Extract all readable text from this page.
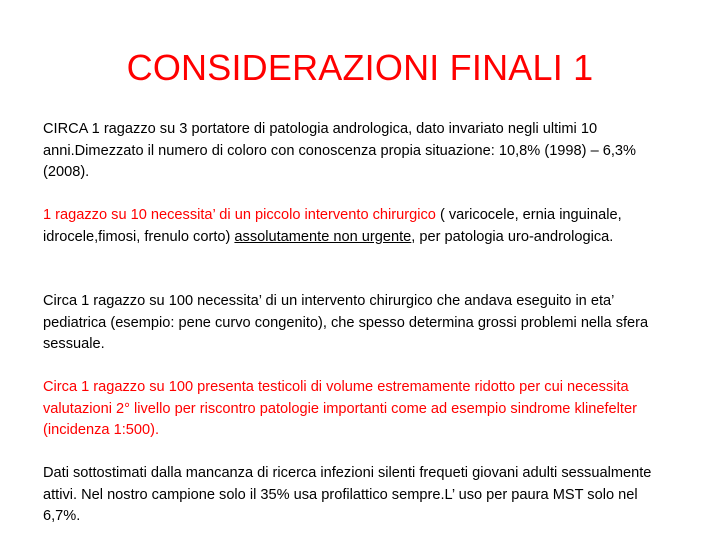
CONSIDERAZIONI FINALI 1

CIRCA 1 ragazzo su 3 portatore di patologia andrologica, dato invariato negli ultimi 10 anni.Dimezzato il numero di coloro con conoscenza propia situazione: 10,8% (1998) – 6,3% (2008).

1 ragazzo su 10 necessita’ di un piccolo intervento chirurgico ( varicocele, ernia inguinale, idrocele,fimosi, frenulo corto) assolutamente non urgente, per patologia uro-andrologica.

Circa 1 ragazzo su 100 necessita’ di un intervento chirurgico che andava eseguito in eta’ pediatrica (esempio: pene curvo congenito), che spesso determina grossi problemi nella sfera sessuale.

Circa 1 ragazzo su 100 presenta testicoli di volume estremamente ridotto per cui necessita valutazioni 2° livello per riscontro patologie importanti come ad esempio sindrome klinefelter (incidenza 1:500).

Dati sottostimati dalla mancanza di ricerca infezioni silenti frequeti giovani adulti sessualmente attivi. Nel nostro campione solo il 35% usa profilattico sempre.L’ uso per paura MST solo nel 6,7%.
